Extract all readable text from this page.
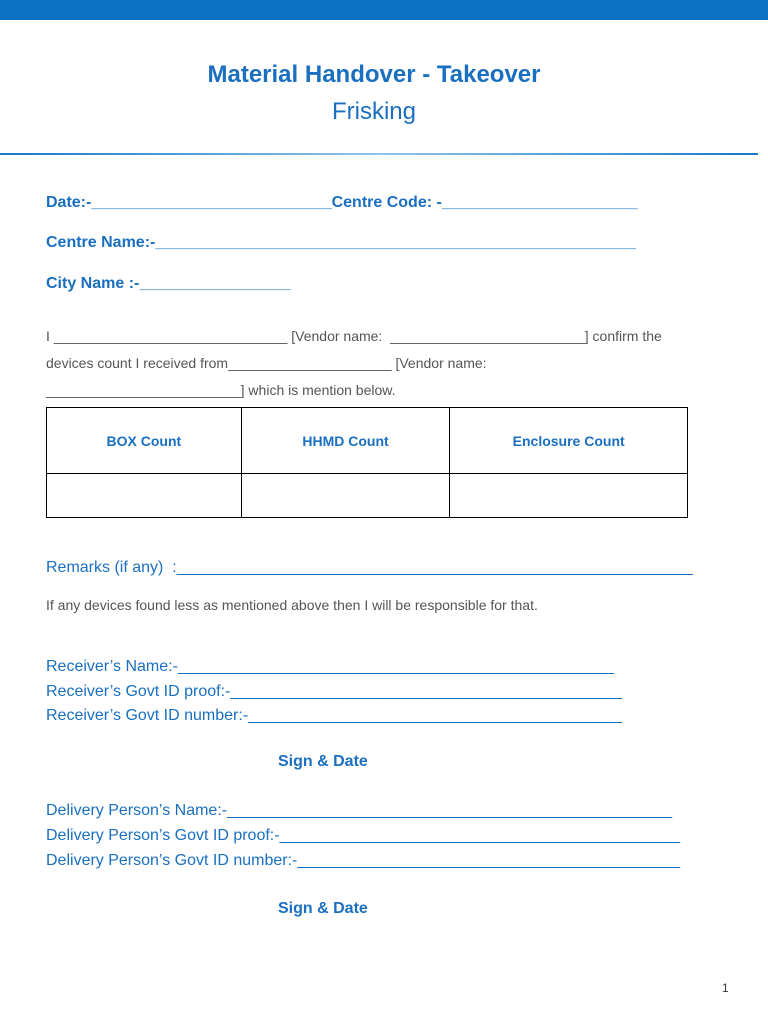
Material Handover - Takeover
Frisking
Date:-___________________________Centre Code: -______________________
Centre Name:-______________________________________________________
City Name :-_________________
I ______________________________ [Vendor name:  _________________________] confirm the
devices count I received from_____________________ [Vendor name:
_________________________] which is mention below.
BOX Count	HHMD Count	Enclosure Count

Remarks (if any)  :__________________________________________________________
If any devices found less as mentioned above then I will be responsible for that.
Receiver’s Name:-_________________________________________________
Receiver’s Govt ID proof:-____________________________________________
Receiver’s Govt ID number:-__________________________________________
Sign & Date
Delivery Person’s Name:-__________________________________________________
Delivery Person’s Govt ID proof:-_____________________________________________
Delivery Person’s Govt ID number:-___________________________________________
Sign & Date
1
